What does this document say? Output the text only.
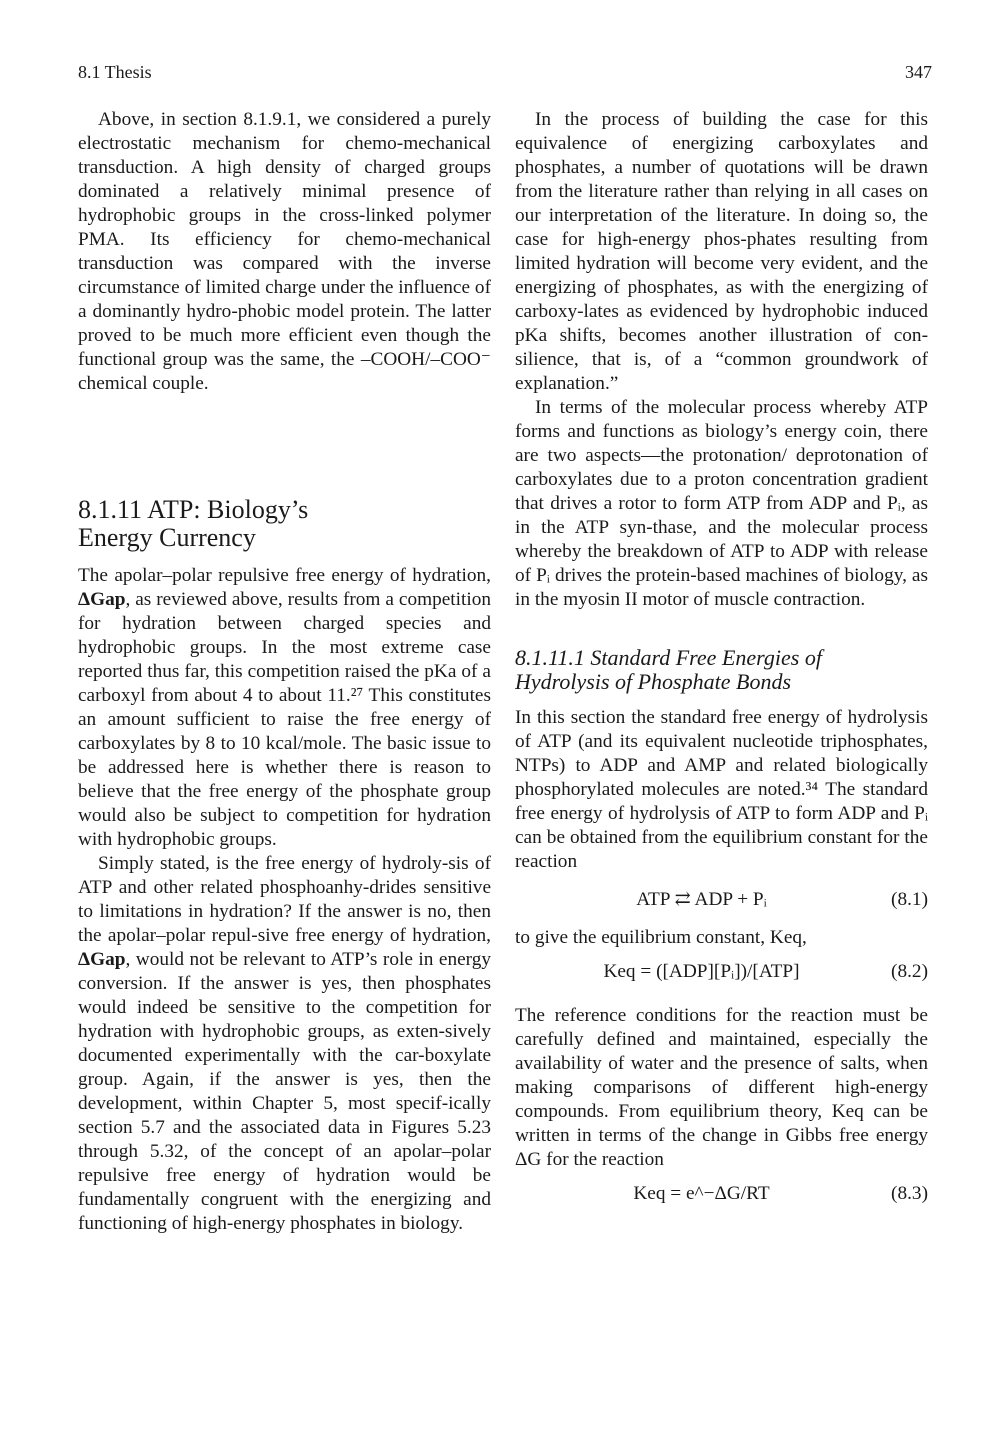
8.1 Thesis	347

Above, in section 8.1.9.1, we considered a purely electrostatic mechanism for chemo-mechanical transduction. A high density of charged groups dominated a relatively minimal presence of hydrophobic groups in the cross-linked polymer PMA. Its efficiency for chemo-mechanical transduction was compared with the inverse circumstance of limited charge under the influence of a dominantly hydro-phobic model protein. The latter proved to be much more efficient even though the functional group was the same, the –COOH/–COO⁻ chemical couple.

8.1.11 ATP: Biology’s
Energy Currency

The apolar–polar repulsive free energy of hydration, ΔGap, as reviewed above, results from a competition for hydration between charged species and hydrophobic groups. In the most extreme case reported thus far, this competition raised the pKa of a carboxyl from about 4 to about 11.²⁷ This constitutes an amount sufficient to raise the free energy of carboxylates by 8 to 10 kcal/mole. The basic issue to be addressed here is whether there is reason to believe that the free energy of the phosphate group would also be subject to competition for hydration with hydrophobic groups.

Simply stated, is the free energy of hydroly-sis of ATP and other related phosphoanhy-drides sensitive to limitations in hydration? If the answer is no, then the apolar–polar repul-sive free energy of hydration, ΔGap, would not be relevant to ATP’s role in energy conversion. If the answer is yes, then phosphates would indeed be sensitive to the competition for hydration with hydrophobic groups, as exten-sively documented experimentally with the car-boxylate group. Again, if the answer is yes, then the development, within Chapter 5, most specif-ically section 5.7 and the associated data in Figures 5.23 through 5.32, of the concept of an apolar–polar repulsive free energy of hydration would be fundamentally congruent with the energizing and functioning of high-energy phosphates in biology.

In the process of building the case for this equivalence of energizing carboxylates and phosphates, a number of quotations will be drawn from the literature rather than relying in all cases on our interpretation of the literature. In doing so, the case for high-energy phos-phates resulting from limited hydration will become very evident, and the energizing of phosphates, as with the energizing of carboxy-lates as evidenced by hydrophobic induced pKa shifts, becomes another illustration of con-silience, that is, of a “common groundwork of explanation.”

In terms of the molecular process whereby ATP forms and functions as biology’s energy coin, there are two aspects—the protonation/ deprotonation of carboxylates due to a proton concentration gradient that drives a rotor to form ATP from ADP and Pᵢ, as in the ATP syn-thase, and the molecular process whereby the breakdown of ATP to ADP with release of Pᵢ drives the protein-based machines of biology, as in the myosin II motor of muscle contraction.

8.1.11.1 Standard Free Energies of
Hydrolysis of Phosphate Bonds

In this section the standard free energy of hydrolysis of ATP (and its equivalent nucleotide triphosphates, NTPs) to ADP and AMP and related biologically phosphorylated molecules are noted.³⁴ The standard free energy of hydrolysis of ATP to form ADP and Pᵢ can be obtained from the equilibrium constant for the reaction

ATP ⇄ ADP + Pᵢ	(8.1)

to give the equilibrium constant, Keq,

Keq = ([ADP][Pᵢ])/[ATP]	(8.2)

The reference conditions for the reaction must be carefully defined and maintained, especially the availability of water and the presence of salts, when making comparisons of different high-energy compounds. From equilibrium theory, Keq can be written in terms of the change in Gibbs free energy ΔG for the reaction

Keq = e^−ΔG/RT	(8.3)
